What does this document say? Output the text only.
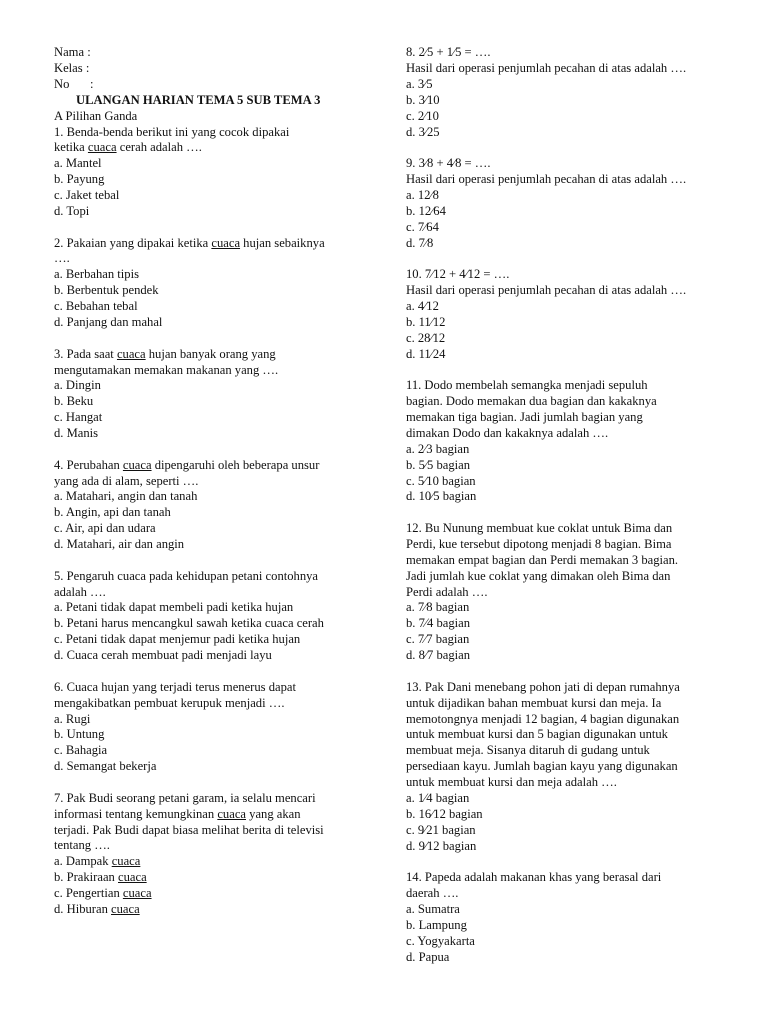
Nama :
Kelas :
No	:
ULANGAN HARIAN TEMA 5 SUB TEMA 3
A Pilihan Ganda
1. Benda-benda berikut ini yang cocok dipakai
ketika cuaca cerah adalah ….
a. Mantel
b. Payung
c. Jaket tebal
d. Topi
2. Pakaian yang dipakai ketika cuaca hujan sebaiknya
….
a. Berbahan tipis
b. Berbentuk pendek
c. Bebahan tebal
d. Panjang dan mahal
3. Pada saat cuaca hujan banyak orang yang
mengutamakan memakan makanan yang ….
a. Dingin
b. Beku
c. Hangat
d. Manis
4. Perubahan cuaca dipengaruhi oleh beberapa unsur
yang ada di alam, seperti ….
a. Matahari, angin dan tanah
b. Angin, api dan tanah
c. Air, api dan udara
d. Matahari, air dan angin
5. Pengaruh cuaca pada kehidupan petani contohnya
adalah ….
a. Petani tidak dapat membeli padi ketika hujan
b. Petani harus mencangkul sawah ketika cuaca cerah
c. Petani tidak dapat menjemur padi ketika hujan
d. Cuaca cerah membuat padi menjadi layu
6. Cuaca hujan yang terjadi terus menerus dapat
mengakibatkan pembuat kerupuk menjadi ….
a. Rugi
b. Untung
c. Bahagia
d. Semangat bekerja
7. Pak Budi seorang petani garam, ia selalu mencari
informasi tentang kemungkinan cuaca yang akan
terjadi. Pak Budi dapat biasa melihat berita di televisi
tentang ….
a. Dampak cuaca
b. Prakiraan cuaca
c. Pengertian cuaca
d. Hiburan cuaca
8. 2⁄5 + 1⁄5 = ….
Hasil dari operasi penjumlah pecahan di atas adalah ….
a. 3⁄5
b. 3⁄10
c. 2⁄10
d. 3⁄25
9. 3⁄8 + 4⁄8 = ….
Hasil dari operasi penjumlah pecahan di atas adalah ….
a. 12⁄8
b. 12⁄64
c. 7⁄64
d. 7⁄8
10. 7⁄12 + 4⁄12 = ….
Hasil dari operasi penjumlah pecahan di atas adalah ….
a. 4⁄12
b. 11⁄12
c. 28⁄12
d. 11⁄24
11. Dodo membelah semangka menjadi sepuluh
bagian. Dodo memakan dua bagian dan kakaknya
memakan tiga bagian. Jadi jumlah bagian yang
dimakan Dodo dan kakaknya adalah ….
a. 2⁄3 bagian
b. 5⁄5 bagian
c. 5⁄10 bagian
d. 10⁄5 bagian
12. Bu Nunung membuat kue coklat untuk Bima dan
Perdi, kue tersebut dipotong menjadi 8 bagian. Bima
memakan empat bagian dan Perdi memakan 3 bagian.
Jadi jumlah kue coklat yang dimakan oleh Bima dan
Perdi adalah ….
a. 7⁄8 bagian
b. 7⁄4 bagian
c. 7⁄7 bagian
d. 8⁄7 bagian
13. Pak Dani menebang pohon jati di depan rumahnya
untuk dijadikan bahan membuat kursi dan meja. Ia
memotongnya menjadi 12 bagian, 4 bagian digunakan
untuk membuat kursi dan 5 bagian digunakan untuk
membuat meja. Sisanya ditaruh di gudang untuk
persediaan kayu. Jumlah bagian kayu yang digunakan
untuk membuat kursi dan meja adalah ….
a. 1⁄4 bagian
b. 16⁄12 bagian
c. 9⁄21 bagian
d. 9⁄12 bagian
14. Papeda adalah makanan khas yang berasal dari
daerah ….
a. Sumatra
b. Lampung
c. Yogyakarta
d. Papua
